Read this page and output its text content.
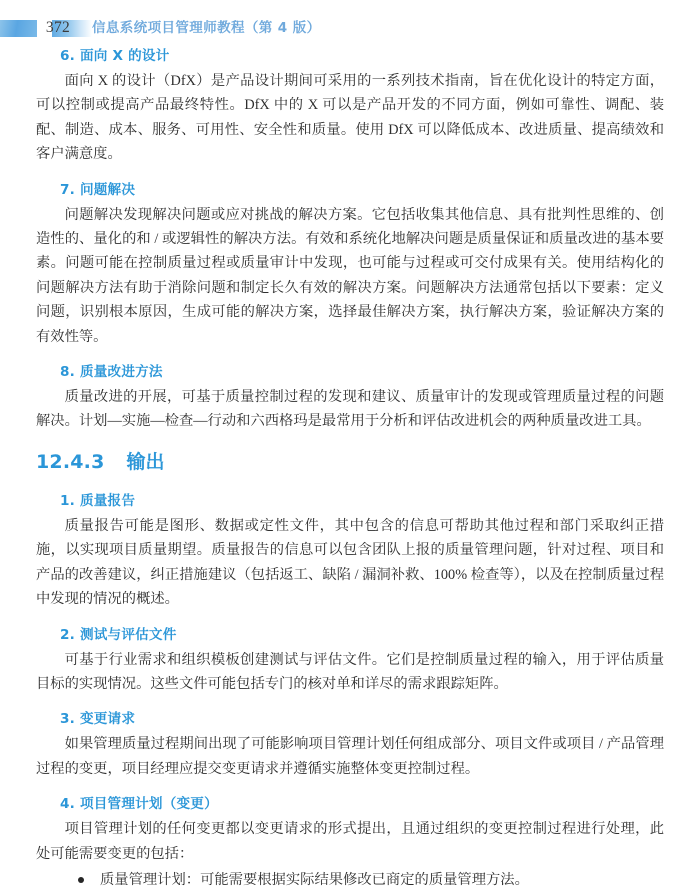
372	信息系统项目管理师教程（第 4 版）
6. 面向 X 的设计

面向 X 的设计（DfX）是产品设计期间可采用的一系列技术指南，旨在优化设计的特定方面，可以控制或提高产品最终特性。DfX 中的 X 可以是产品开发的不同方面，例如可靠性、调配、装配、制造、成本、服务、可用性、安全性和质量。使用 DfX 可以降低成本、改进质量、提高绩效和客户满意度。

7. 问题解决

问题解决发现解决问题或应对挑战的解决方案。它包括收集其他信息、具有批判性思维的、创造性的、量化的和 / 或逻辑性的解决方法。有效和系统化地解决问题是质量保证和质量改进的基本要素。问题可能在控制质量过程或质量审计中发现，也可能与过程或可交付成果有关。使用结构化的问题解决方法有助于消除问题和制定长久有效的解决方案。问题解决方法通常包括以下要素：定义问题，识别根本原因，生成可能的解决方案，选择最佳解决方案，执行解决方案，验证解决方案的有效性等。

8. 质量改进方法

质量改进的开展，可基于质量控制过程的发现和建议、质量审计的发现或管理质量过程的问题解决。计划—实施—检查—行动和六西格玛是最常用于分析和评估改进机会的两种质量改进工具。

12.4.3 输出
1. 质量报告

质量报告可能是图形、数据或定性文件，其中包含的信息可帮助其他过程和部门采取纠正措施，以实现项目质量期望。质量报告的信息可以包含团队上报的质量管理问题，针对过程、项目和产品的改善建议，纠正措施建议（包括返工、缺陷 / 漏洞补救、100% 检查等），以及在控制质量过程中发现的情况的概述。

2. 测试与评估文件

可基于行业需求和组织模板创建测试与评估文件。它们是控制质量过程的输入，用于评估质量目标的实现情况。这些文件可能包括专门的核对单和详尽的需求跟踪矩阵。

3. 变更请求

如果管理质量过程期间出现了可能影响项目管理计划任何组成部分、项目文件或项目 / 产品管理过程的变更，项目经理应提交变更请求并遵循实施整体变更控制过程。

4. 项目管理计划（变更）

项目管理计划的任何变更都以变更请求的形式提出，且通过组织的变更控制过程进行处理，此处可能需要变更的包括：

质量管理计划：可能需要根据实际结果修改已商定的质量管理方法。
